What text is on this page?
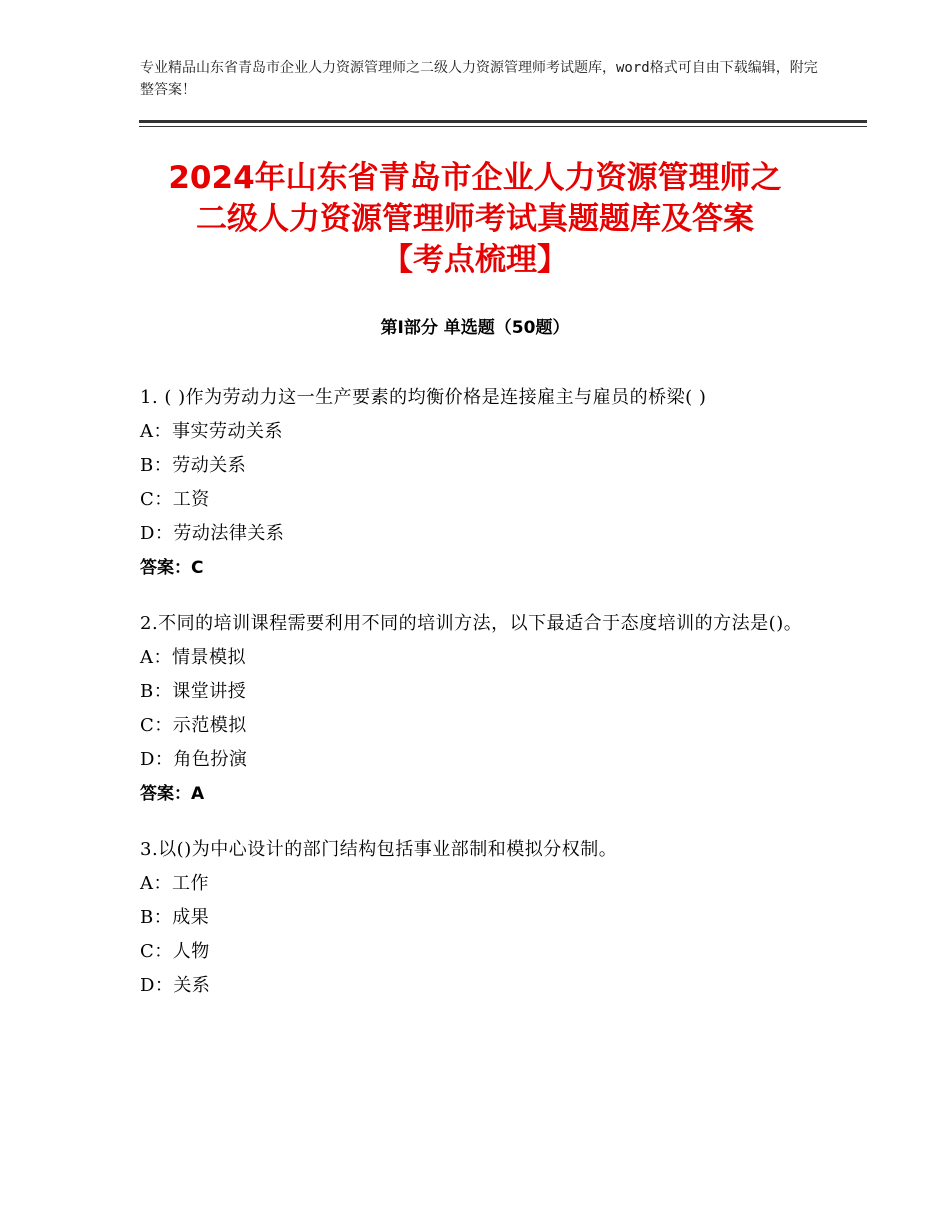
专业精品山东省青岛市企业人力资源管理师之二级人力资源管理师考试题库，word格式可自由下载编辑，附完整答案！
2024年山东省青岛市企业人力资源管理师之
二级人力资源管理师考试真题题库及答案
【考点梳理】
第Ⅰ部分 单选题（50题）
1. ( )作为劳动力这一生产要素的均衡价格是连接雇主与雇员的桥梁( )
A：事实劳动关系
B：劳动关系
C：工资
D：劳动法律关系
答案：C
2.不同的培训课程需要利用不同的培训方法，以下最适合于态度培训的方法是()。
A：情景模拟
B：课堂讲授
C：示范模拟
D：角色扮演
答案：A
3.以()为中心设计的部门结构包括事业部制和模拟分权制。
A：工作
B：成果
C：人物
D：关系
